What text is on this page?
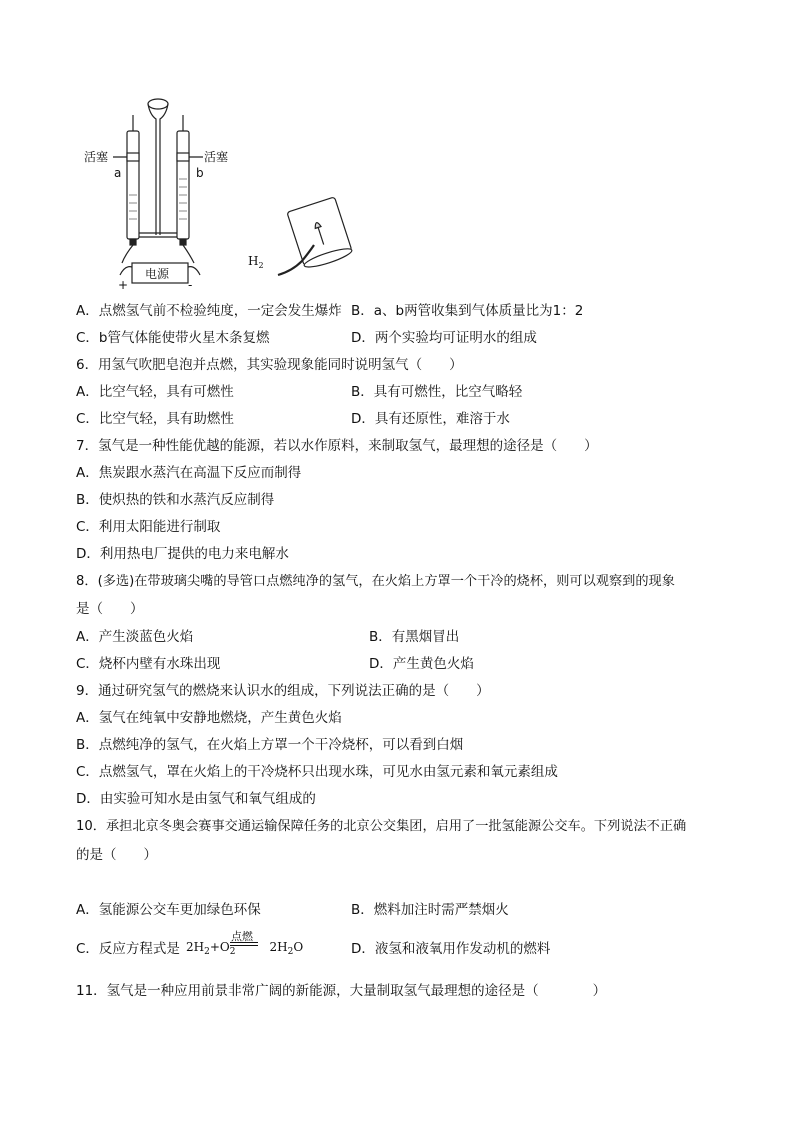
活塞	活塞
a	b
电源
+	-
$H_2$
A．点燃氢气前不检验纯度，一定会发生爆炸 B．a、b两管收集到气体质量比为1：2
C．b管气体能使带火星木条复燃	D．两个实验均可证明水的组成
6．用氢气吹肥皂泡并点燃，其实验现象能同时说明氢气（　　）
A．比空气轻，具有可燃性	B．具有可燃性，比空气略轻
C．比空气轻，具有助燃性	D．具有还原性，难溶于水
7．氢气是一种性能优越的能源，若以水作原料，来制取氢气，最理想的途径是（　　）
A．焦炭跟水蒸汽在高温下反应而制得
B．使炽热的铁和水蒸汽反应制得
C．利用太阳能进行制取
D．利用热电厂提供的电力来电解水
8．(多选)在带玻璃尖嘴的导管口点燃纯净的氢气，在火焰上方罩一个干冷的烧杯，则可以观察到的现象
是（　　）
A．产生淡蓝色火焰	B．有黑烟冒出
C．烧杯内壁有水珠出现	D．产生黄色火焰
9．通过研究氢气的燃烧来认识水的组成，下列说法正确的是（　　）
A．氢气在纯氧中安静地燃烧，产生黄色火焰
B．点燃纯净的氢气，在火焰上方罩一个干冷烧杯，可以看到白烟
C．点燃氢气，罩在火焰上的干冷烧杯只出现水珠，可见水由氢元素和氧元素组成
D．由实验可知水是由氢气和氧气组成的
10．承担北京冬奥会赛事交通运输保障任务的北京公交集团，启用了一批氢能源公交车。下列说法不正确
的是（　　）
A．氢能源公交车更加绿色环保	B．燃料加注时需严禁烟火
C．反应方程式是 $2H_2+O_2$	$2H_2O$
点燃
D．液氢和液氧用作发动机的燃料
11．氢气是一种应用前景非常广阔的新能源，大量制取氢气最理想的途径是（　　　　）
